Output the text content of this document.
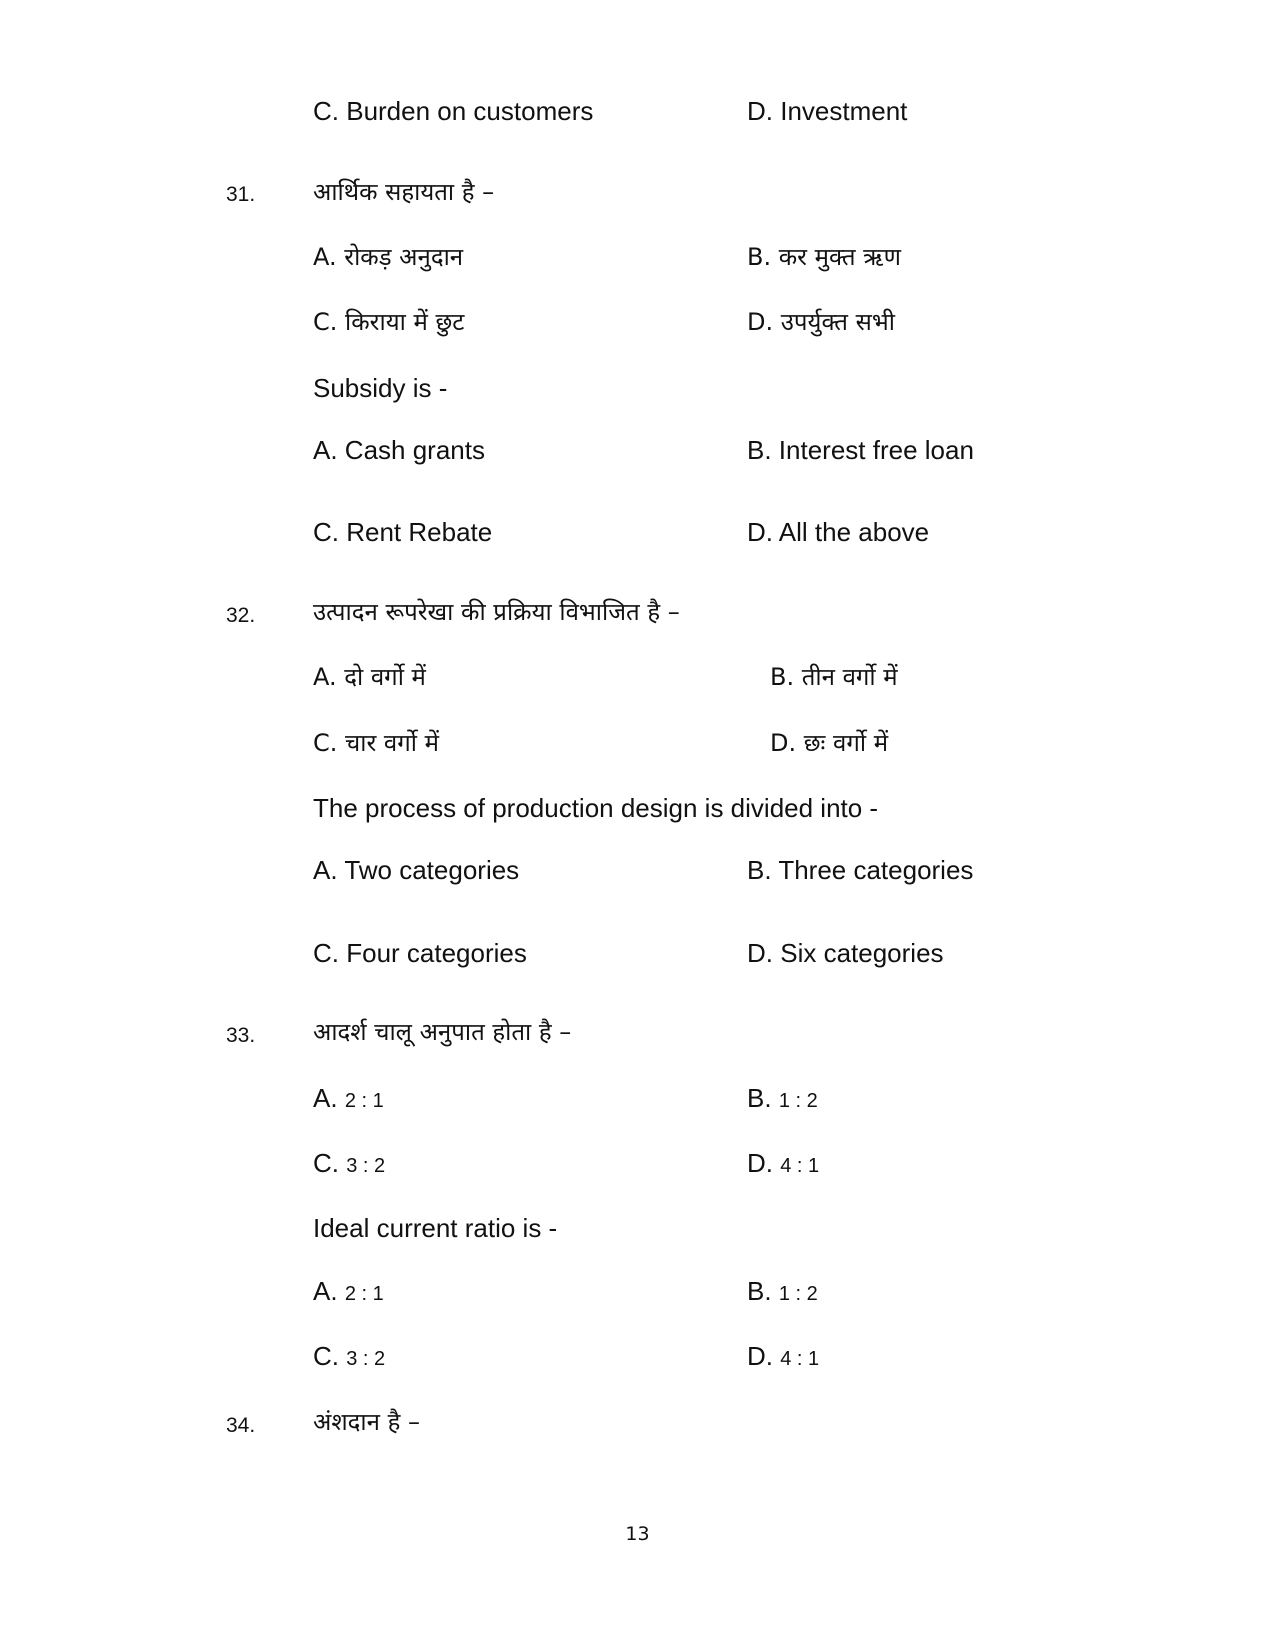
C. Burden on customers	D. Investment
31. आर्थिक सहायता है –
A. रोकड़ अनुदान	B. कर मुक्त ऋण
C. किराया में छुट	D. उपर्युक्त सभी
Subsidy is -
A. Cash grants	B. Interest free loan
C. Rent Rebate	D. All the above
32. उत्पादन रूपरेखा की प्रक्रिया विभाजित है –
A. दो वर्गो में	B. तीन वर्गो में
C. चार वर्गो में	D. छः वर्गो में
The process of production design is divided into -
A. Two categories	B. Three categories
C. Four categories	D. Six categories
33. आदर्श चालू अनुपात होता है –
A. 2 : 1	B. 1 : 2
C. 3 : 2	D. 4 : 1
Ideal current ratio is -
A. 2 : 1	B. 1 : 2
C. 3 : 2	D. 4 : 1
34. अंशदान है –
13
